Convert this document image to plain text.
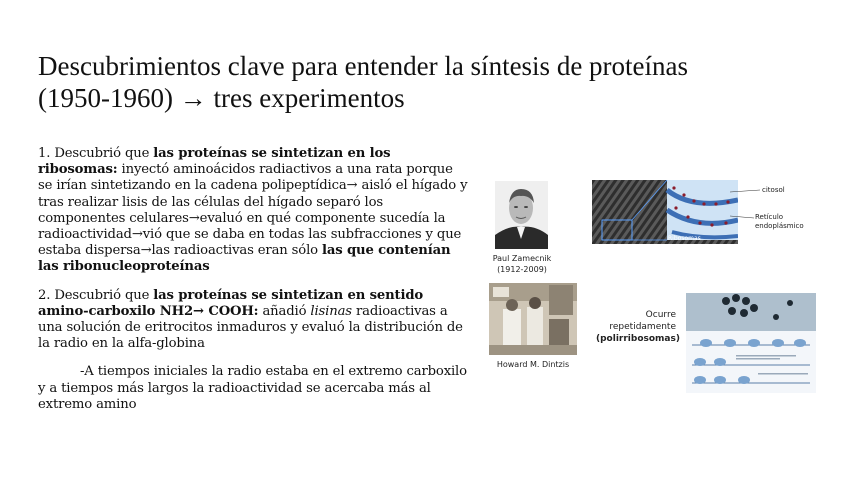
Descubrimientos clave para entender la síntesis de proteínas
(1950-1960) → tres experimentos

1. Descubrió que las proteínas se sintetizan en los ribosomas: inyectó aminoácidos radiactivos a una rata porque se irían sintetizando en la cadena polipeptídica→ aisló el hígado y tras realizar lisis de las células del hígado separó los componentes celulares→evaluó en qué componente sucedía la radioactividad→vió que se daba en todas las subfracciones y que estaba dispersa→las radioactivas eran sólo las que contenían las ribonucleoproteínas

2. Descubrió que las proteínas se sintetizan en sentido amino-carboxilo NH2→ COOH: añadió lisinas radioactivas a una solución de eritrocitos inmaduros y evaluó la distribución de la radio en la alfa-globina

-A tiempos iniciales la radio estaba en el extremo carboxilo y a tiempos más largos la radioactividad se acercaba más al extremo amino

Paul Zamecnik
(1912-2009)
Howard M. Dintzis
Ribosomas
citosol
Retículo endoplásmico
Ocurre repetidamente
(polirribosomas)
